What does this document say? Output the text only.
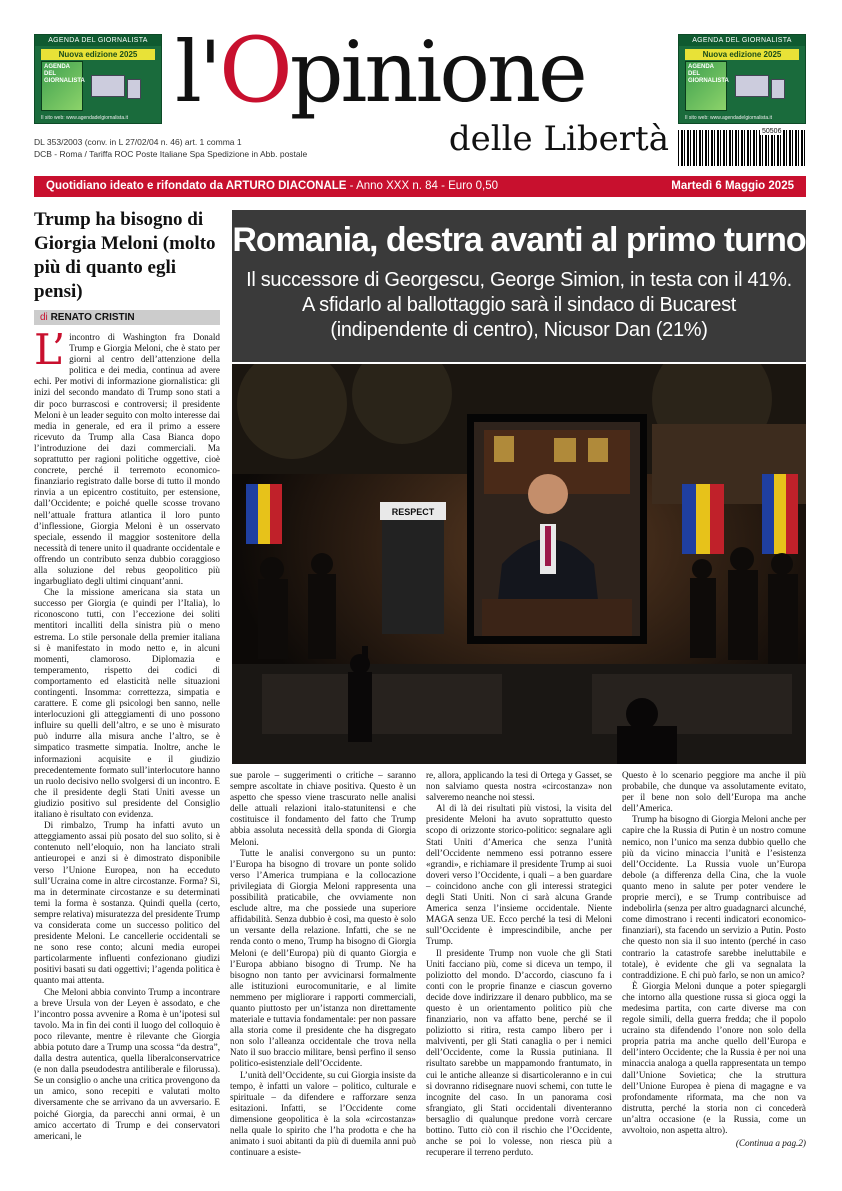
AGENDA DEL GIORNALISTA
Nuova edizione 2025
AGENDA DEL GIORNALISTA
Il sito web: www.agendadelgiornalista.it
AGENDA DEL GIORNALISTA
Nuova edizione 2025
AGENDA DEL GIORNALISTA
Il sito web: www.agendadelgiornalista.it
l'Opinione
delle Libertà
DL 353/2003 (conv. in L 27/02/04 n. 46) art. 1 comma 1
DCB - Roma / Tariffa ROC Poste Italiane Spa Spedizione in Abb. postale
50506
Quotidiano ideato e rifondato da ARTURO DIACONALE - Anno XXX n. 84 - Euro 0,50	Martedì 6 Maggio 2025
Trump ha bisogno di Giorgia Meloni (molto più di quanto egli pensi)
di RENATO CRISTIN
L’ incontro di Washington fra Donald Trump e Giorgia Meloni, che è stato per giorni al centro dell’attenzione della politica e dei media, continua ad avere echi. Per motivi di informazione giornalistica: gli inizi del secondo mandato di Trump sono stati a dir poco burrascosi e controversi; il presidente Meloni è un leader seguito con molto interesse dai media in generale, ed era il primo a essere ricevuto da Trump alla Casa Bianca dopo l’introduzione dei dazi commerciali. Ma soprattutto per ragioni politiche oggettive, cioè concrete, perché il terremoto economico-finanziario registrato dalle borse di tutto il mondo rinvia a un epicentro costituito, per estensione, dall’Occidente; e poiché quelle scosse trovano nell’attuale frattura atlantica il loro punto d’inflessione, Giorgia Meloni è un osservato speciale, essendo il maggior sostenitore della necessità di tenere unito il quadrante occidentale e offrendo un contributo senza dubbio coraggioso alla soluzione del rebus geopolitico più ingarbugliato degli ultimi cinquant’anni.

Che la missione americana sia stata un successo per Giorgia (e quindi per l’Italia), lo riconoscono tutti, con l’eccezione dei soliti mentitori incalliti della sinistra più o meno estrema. Lo stile personale della premier italiana si è manifestato in modo netto e, in alcuni momenti, clamoroso. Diplomazia e temperamento, rispetto dei codici di comportamento ed elasticità nelle situazioni contingenti. Insomma: correttezza, simpatia e carattere. E come gli psicologi ben sanno, nelle interlocuzioni gli atteggiamenti di uno possono influire su quelli dell’altro, e se uno è misurato può indurre alla misura anche l’altro, se è simpatico trasmette simpatia. Inoltre, anche le informazioni acquisite e il giudizio precedentemente formato sull’interlocutore hanno un ruolo decisivo nello svolgersi di un incontro. E che il presidente degli Stati Uniti avesse un giudizio positivo sul presidente del Consiglio italiano è risultato con evidenza.

Di rimbalzo, Trump ha infatti avuto un atteggiamento assai più posato del suo solito, si è contenuto nell’eloquio, non ha lanciato strali antieuropei e anzi si è dimostrato disponibile verso l’Unione Europea, non ha ecceduto sull’Ucraina come in altre circostanze. Forma? Sì, ma in determinate circostanze e su determinati temi la forma è sostanza. Quindi quella (certo, sempre relativa) misuratezza del presidente Trump va considerata come un successo politico del presidente Meloni. Le cancellerie occidentali se ne sono rese conto; alcuni media europei particolarmente influenti confezionano giudizi positivi basati su dati oggettivi; l’agenda politica è quanto mai attenta.

Che Meloni abbia convinto Trump a incontrare a breve Ursula von der Leyen è assodato, e che l’incontro possa avvenire a Roma è un’ipotesi sul tavolo. Ma in fin dei conti il luogo del colloquio è poco rilevante, mentre è rilevante che Giorgia abbia potuto dare a Trump una scossa “da destra”, dalla destra autentica, quella liberalconservatrice (e non dalla pseudodestra antiliberale e filorussa). Se un consiglio o anche una critica provengono da un amico, sono recepiti e valutati molto diversamente che se arrivano da un avversario. E poiché Giorgia, da parecchi anni ormai, è un amico accertato di Trump e dei conservatori americani, le

Romania, destra avanti al primo turno
Il successore di Georgescu, George Simion, in testa con il 41%. A sfidarlo al ballottaggio sarà il sindaco di Bucarest (indipendente di centro), Nicusor Dan (21%)
RESPECT

sue parole – suggerimenti o critiche – saranno sempre ascoltate in chiave positiva. Questo è un aspetto che spesso viene trascurato nelle analisi delle attuali relazioni italo-statunitensi e che costituisce il fondamento del fatto che Trump abbia assoluta necessità della sponda di Giorgia Meloni.

Tutte le analisi convergono su un punto: l’Europa ha bisogno di trovare un ponte solido verso l’America trumpiana e la collocazione privilegiata di Giorgia Meloni rappresenta una possibilità praticabile, che ovviamente non esclude altre, ma che possiede una superiore affidabilità. Senza dubbio è così, ma questo è solo un versante della relazione. Infatti, che se ne renda conto o meno, Trump ha bisogno di Giorgia Meloni (e dell’Europa) più di quanto Giorgia e l’Europa abbiano bisogno di Trump. Ne ha bisogno non tanto per avvicinarsi formalmente alle istituzioni eurocomunitarie, e al limite nemmeno per migliorare i rapporti commerciali, quanto piuttosto per un’istanza non direttamente materiale e tuttavia fondamentale: per non passare alla storia come il presidente che ha disgregato non solo l’alleanza occidentale che trova nella Nato il suo braccio militare, bensì perfino il senso politico-esistenziale dell’Occidente.

L’unità dell’Occidente, su cui Giorgia insiste da tempo, è infatti un valore – politico, culturale e spirituale – da difendere e rafforzare senza esitazioni. Infatti, se l’Occidente come dimensione geopolitica è la sola «circostanza» nella quale lo spirito che l’ha prodotta e che ha animato i suoi abitanti da più di duemila anni può continuare a esiste-

re, allora, applicando la tesi di Ortega y Gasset, se non salviamo questa nostra «circostanza» non salveremo neanche noi stessi.

Al di là dei risultati più vistosi, la visita del presidente Meloni ha avuto soprattutto questo scopo di orizzonte storico-politico: segnalare agli Stati Uniti d’America che senza l’unità dell’Occidente nemmeno essi potranno essere «grandi», e richiamare il presidente Trump ai suoi doveri verso l’Occidente, i quali – a ben guardare – coincidono anche con gli interessi strategici degli Stati Uniti. Non ci sarà alcuna Grande America senza l’insieme occidentale. Niente MAGA senza UE. Ecco perché la tesi di Meloni sull’Occidente è imprescindibile, anche per Trump.

Il presidente Trump non vuole che gli Stati Uniti facciano più, come si diceva un tempo, il poliziotto del mondo. D’accordo, ciascuno fa i conti con le proprie finanze e ciascun governo decide dove indirizzare il denaro pubblico, ma se questo è un orientamento politico più che finanziario, non va affatto bene, perché se il poliziotto si ritira, resta campo libero per i malviventi, per gli Stati canaglia o per i nemici dell’Occidente, come la Russia putiniana. Il risultato sarebbe un mappamondo frantumato, in cui le antiche alleanze si disarticoleranno e in cui si dovranno ridisegnare nuovi schemi, con tutte le incognite del caso. In un panorama così sfrangiato, gli Stati occidentali diventeranno bersaglio di qualunque predone vorrà cercare bottino. Tutto ciò con il rischio che l’Occidente, anche se poi lo volesse, non riesca più a recuperare il terreno perduto.

Questo è lo scenario peggiore ma anche il più probabile, che dunque va assolutamente evitato, per il bene non solo dell’Europa ma anche dell’America.

Trump ha bisogno di Giorgia Meloni anche per capire che la Russia di Putin è un nostro comune nemico, non l’unico ma senza dubbio quello che più da vicino minaccia l’unità e l’esistenza dell’Occidente. La Russia vuole un’Europa debole (a differenza della Cina, che la vuole quanto meno in salute per poter vendere le proprie merci), e se Trump contribuisce ad indebolirla (senza per altro guadagnarci alcunché, come dimostrano i recenti indicatori economico-finanziari), sta facendo un servizio a Putin. Posto che questo non sia il suo intento (perché in caso contrario la catastrofe sarebbe ineluttabile e totale), è evidente che gli va segnalata la contraddizione. E chi può farlo, se non un amico?

È Giorgia Meloni dunque a poter spiegargli che intorno alla questione russa si gioca oggi la medesima partita, con carte diverse ma con regole simili, della guerra fredda; che il popolo ucraino sta difendendo l’onore non solo della propria patria ma anche quello dell’Europa e dell’intero Occidente; che la Russia è per noi una minaccia analoga a quella rappresentata un tempo dall’Unione Sovietica; che la struttura dell’Unione Europea è piena di magagne e va profondamente riformata, ma che non va distrutta, perché la storia non ci concederà un’altra occasione (e la Russia, come un avvoltoio, non aspetta altro).

(Continua a pag.2)
